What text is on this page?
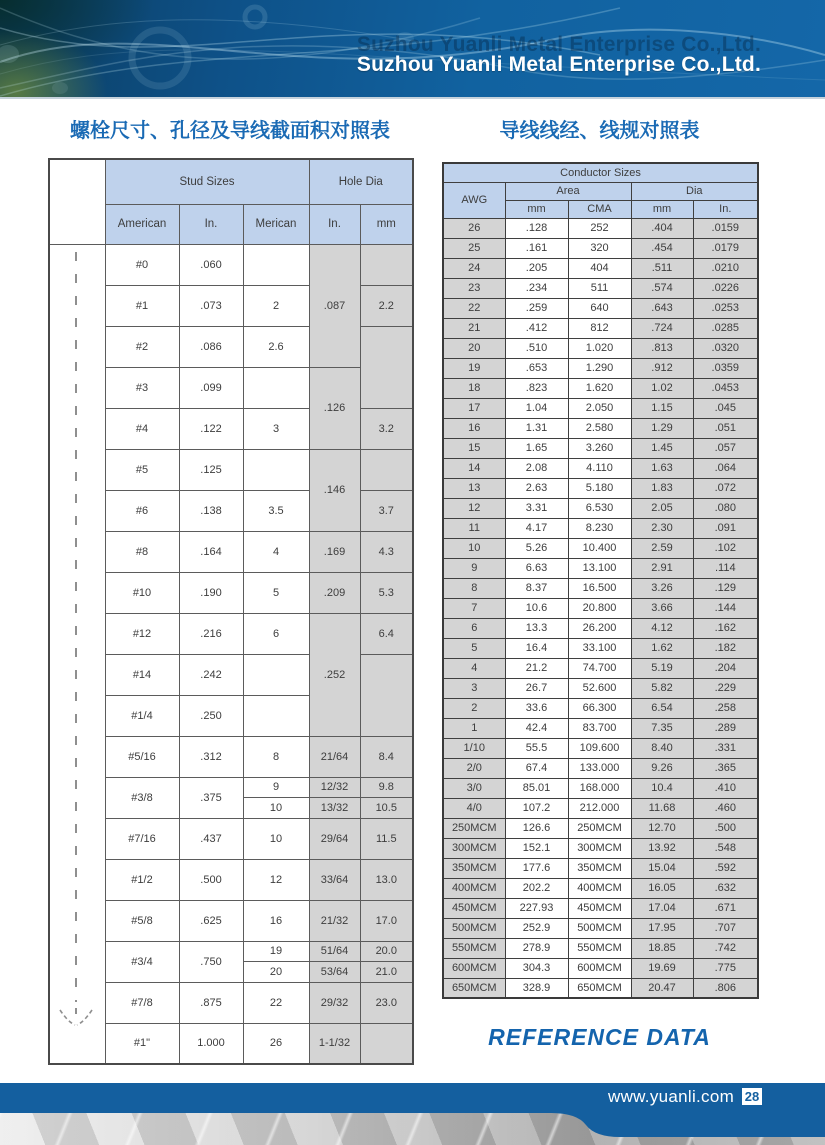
Suzhou Yuanli Metal Enterprise Co.,Ltd.
Suzhou Yuanli Metal Enterprise Co.,Ltd.
螺栓尺寸、孔径及导线截面积对照表	导线线经、线规对照表
	Stud Sizes			Hole Dia	
	American	In.	Merican	In.	mm
	#0	.060		.087	
	#1	.073	2		2.2
	#2	.086	2.6		
	#3	.099		.126	
	#4	.122	3		3.2
	#5	.125		.146	
	#6	.138	3.5		3.7
	#8	.164	4	.169	4.3
	#10	.190	5	.209	5.3
	#12	.216	6	.252	6.4
	#14	.242			
	#1/4	.250			
	#5/16	.312	8	21/64	8.4
	#3/8	.375	9	12/32	9.8
			10	13/32	10.5
	#7/16	.437	10	29/64	11.5
	#1/2	.500	12	33/64	13.0
	#5/8	.625	16	21/32	17.0
	#3/4	.750	19	51/64	20.0
			20	53/64	21.0
	#7/8	.875	22	29/32	23.0
	#1"	1.000	26	1-1/32	
Conductor Sizes				
AWG	Area		Dia	
	mm	CMA	mm	In.
26	.128	252	.404	.0159
25	.161	320	.454	.0179
24	.205	404	.511	.0210
23	.234	511	.574	.0226
22	.259	640	.643	.0253
21	.412	812	.724	.0285
20	.510	1.020	.813	.0320
19	.653	1.290	.912	.0359
18	.823	1.620	1.02	.0453
17	1.04	2.050	1.15	.045
16	1.31	2.580	1.29	.051
15	1.65	3.260	1.45	.057
14	2.08	4.110	1.63	.064
13	2.63	5.180	1.83	.072
12	3.31	6.530	2.05	.080
11	4.17	8.230	2.30	.091
10	5.26	10.400	2.59	.102
9	6.63	13.100	2.91	.114
8	8.37	16.500	3.26	.129
7	10.6	20.800	3.66	.144
6	13.3	26.200	4.12	.162
5	16.4	33.100	1.62	.182
4	21.2	74.700	5.19	.204
3	26.7	52.600	5.82	.229
2	33.6	66.300	6.54	.258
1	42.4	83.700	7.35	.289
1/10	55.5	109.600	8.40	.331
2/0	67.4	133.000	9.26	.365
3/0	85.01	168.000	10.4	.410
4/0	107.2	212.000	11.68	.460
250MCM	126.6	250MCM	12.70	.500
300MCM	152.1	300MCM	13.92	.548
350MCM	177.6	350MCM	15.04	.592
400MCM	202.2	400MCM	16.05	.632
450MCM	227.93	450MCM	17.04	.671
500MCM	252.9	500MCM	17.95	.707
550MCM	278.9	550MCM	18.85	.742
600MCM	304.3	600MCM	19.69	.775
650MCM	328.9	650MCM	20.47	.806
REFERENCE DATA
www.yuanli.com 28
